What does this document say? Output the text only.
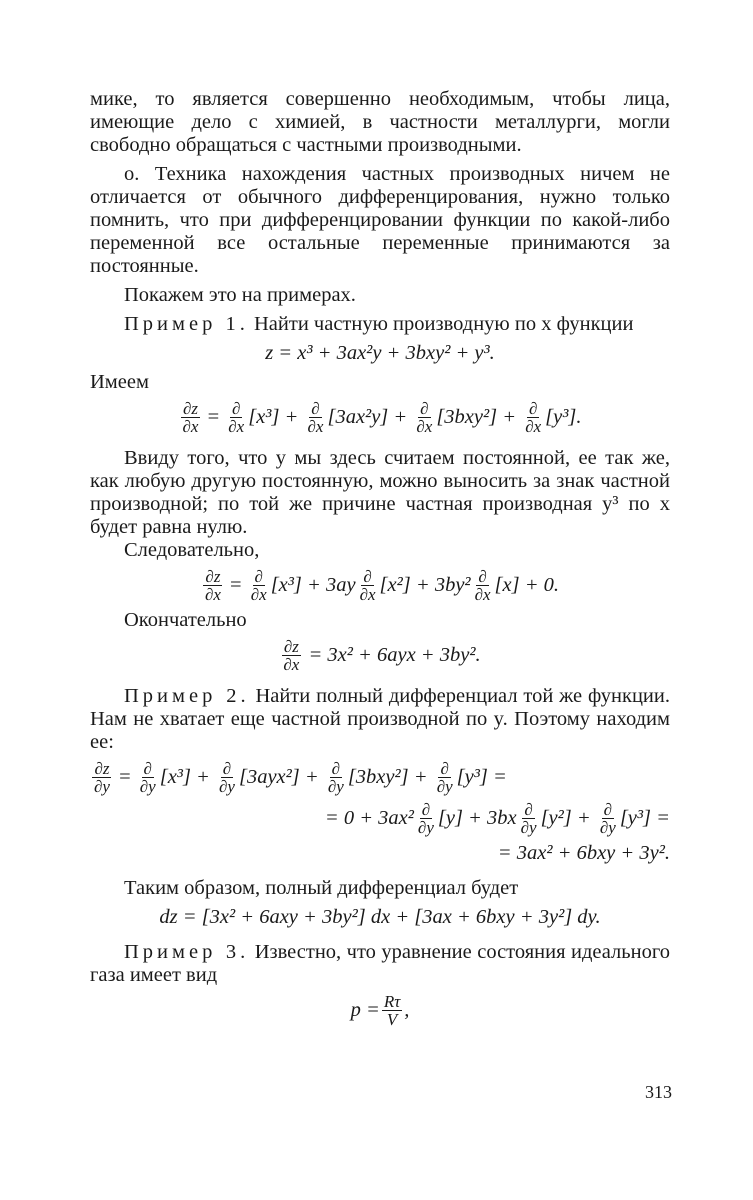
мике, то является совершенно необходимым, чтобы лица, имеющие дело с химией, в частности металлурги, могли свободно обращаться с частными производными.

о. Техника нахождения частных производных ничем не отличается от обычного дифференцирования, нужно только помнить, что при дифференцировании функции по какой-либо переменной все остальные переменные принимаются за постоянные.

Покажем это на примерах.

Пример 1. Найти частную производную по x функции

z = x³ + 3ax²y + 3bxy² + y³.

Имеем

$\frac{\partial z}{\partial x} = \frac{\partial}{\partial x} [x^3]$ +
$\frac{\partial}{\partial x} [3ax^2y]$ +
$\frac{\partial}{\partial x} [3bxy^2]$ +
$\frac{\partial}{\partial x} [y^3]$.

Ввиду того, что y мы здесь считаем постоянной, ее так же, как любую другую постоянную, можно выносить за знак частной производной; по той же причине частная производная y³ по x будет равна нулю.

Следовательно,

$\frac{\partial z}{\partial x} = \frac{\partial}{\partial x} [x^3] + 3ay \frac{\partial}{\partial x} [x^2] + 3by^2 \frac{\partial}{\partial x} [x] + 0$.

Окончательно

$\frac{\partial z}{\partial x}$
= 3x² + 6ayx + 3by².

Пример 2. Найти полный дифференциал той же функции. Нам не хватает еще частной производной по y. Поэтому находим ее:

$\frac{\partial z}{\partial y} = \frac{\partial}{\partial y} [x^3]$ +
$\frac{\partial}{\partial y} [3ayx^2]$ +
$\frac{\partial}{\partial y} [3bxy^2]$ +
$\frac{\partial}{\partial y} [y^3]$ =
= $0 + 3ax^2 \frac{\partial}{\partial y} [y] + 3bx \frac{\partial}{\partial y} [y^2]$ +
$\frac{\partial}{\partial y} [y^3]$ =
= 3ax² + 6bxy + 3y².

Таким образом, полный дифференциал будет

dz = [3x² + 6axy + 3by²] dx + [3ax + 6bxy + 3y²] dy.

Пример 3. Известно, что уравнение состояния идеального газа имеет вид

$p = \frac{R\tau}{V}$ ,
313
